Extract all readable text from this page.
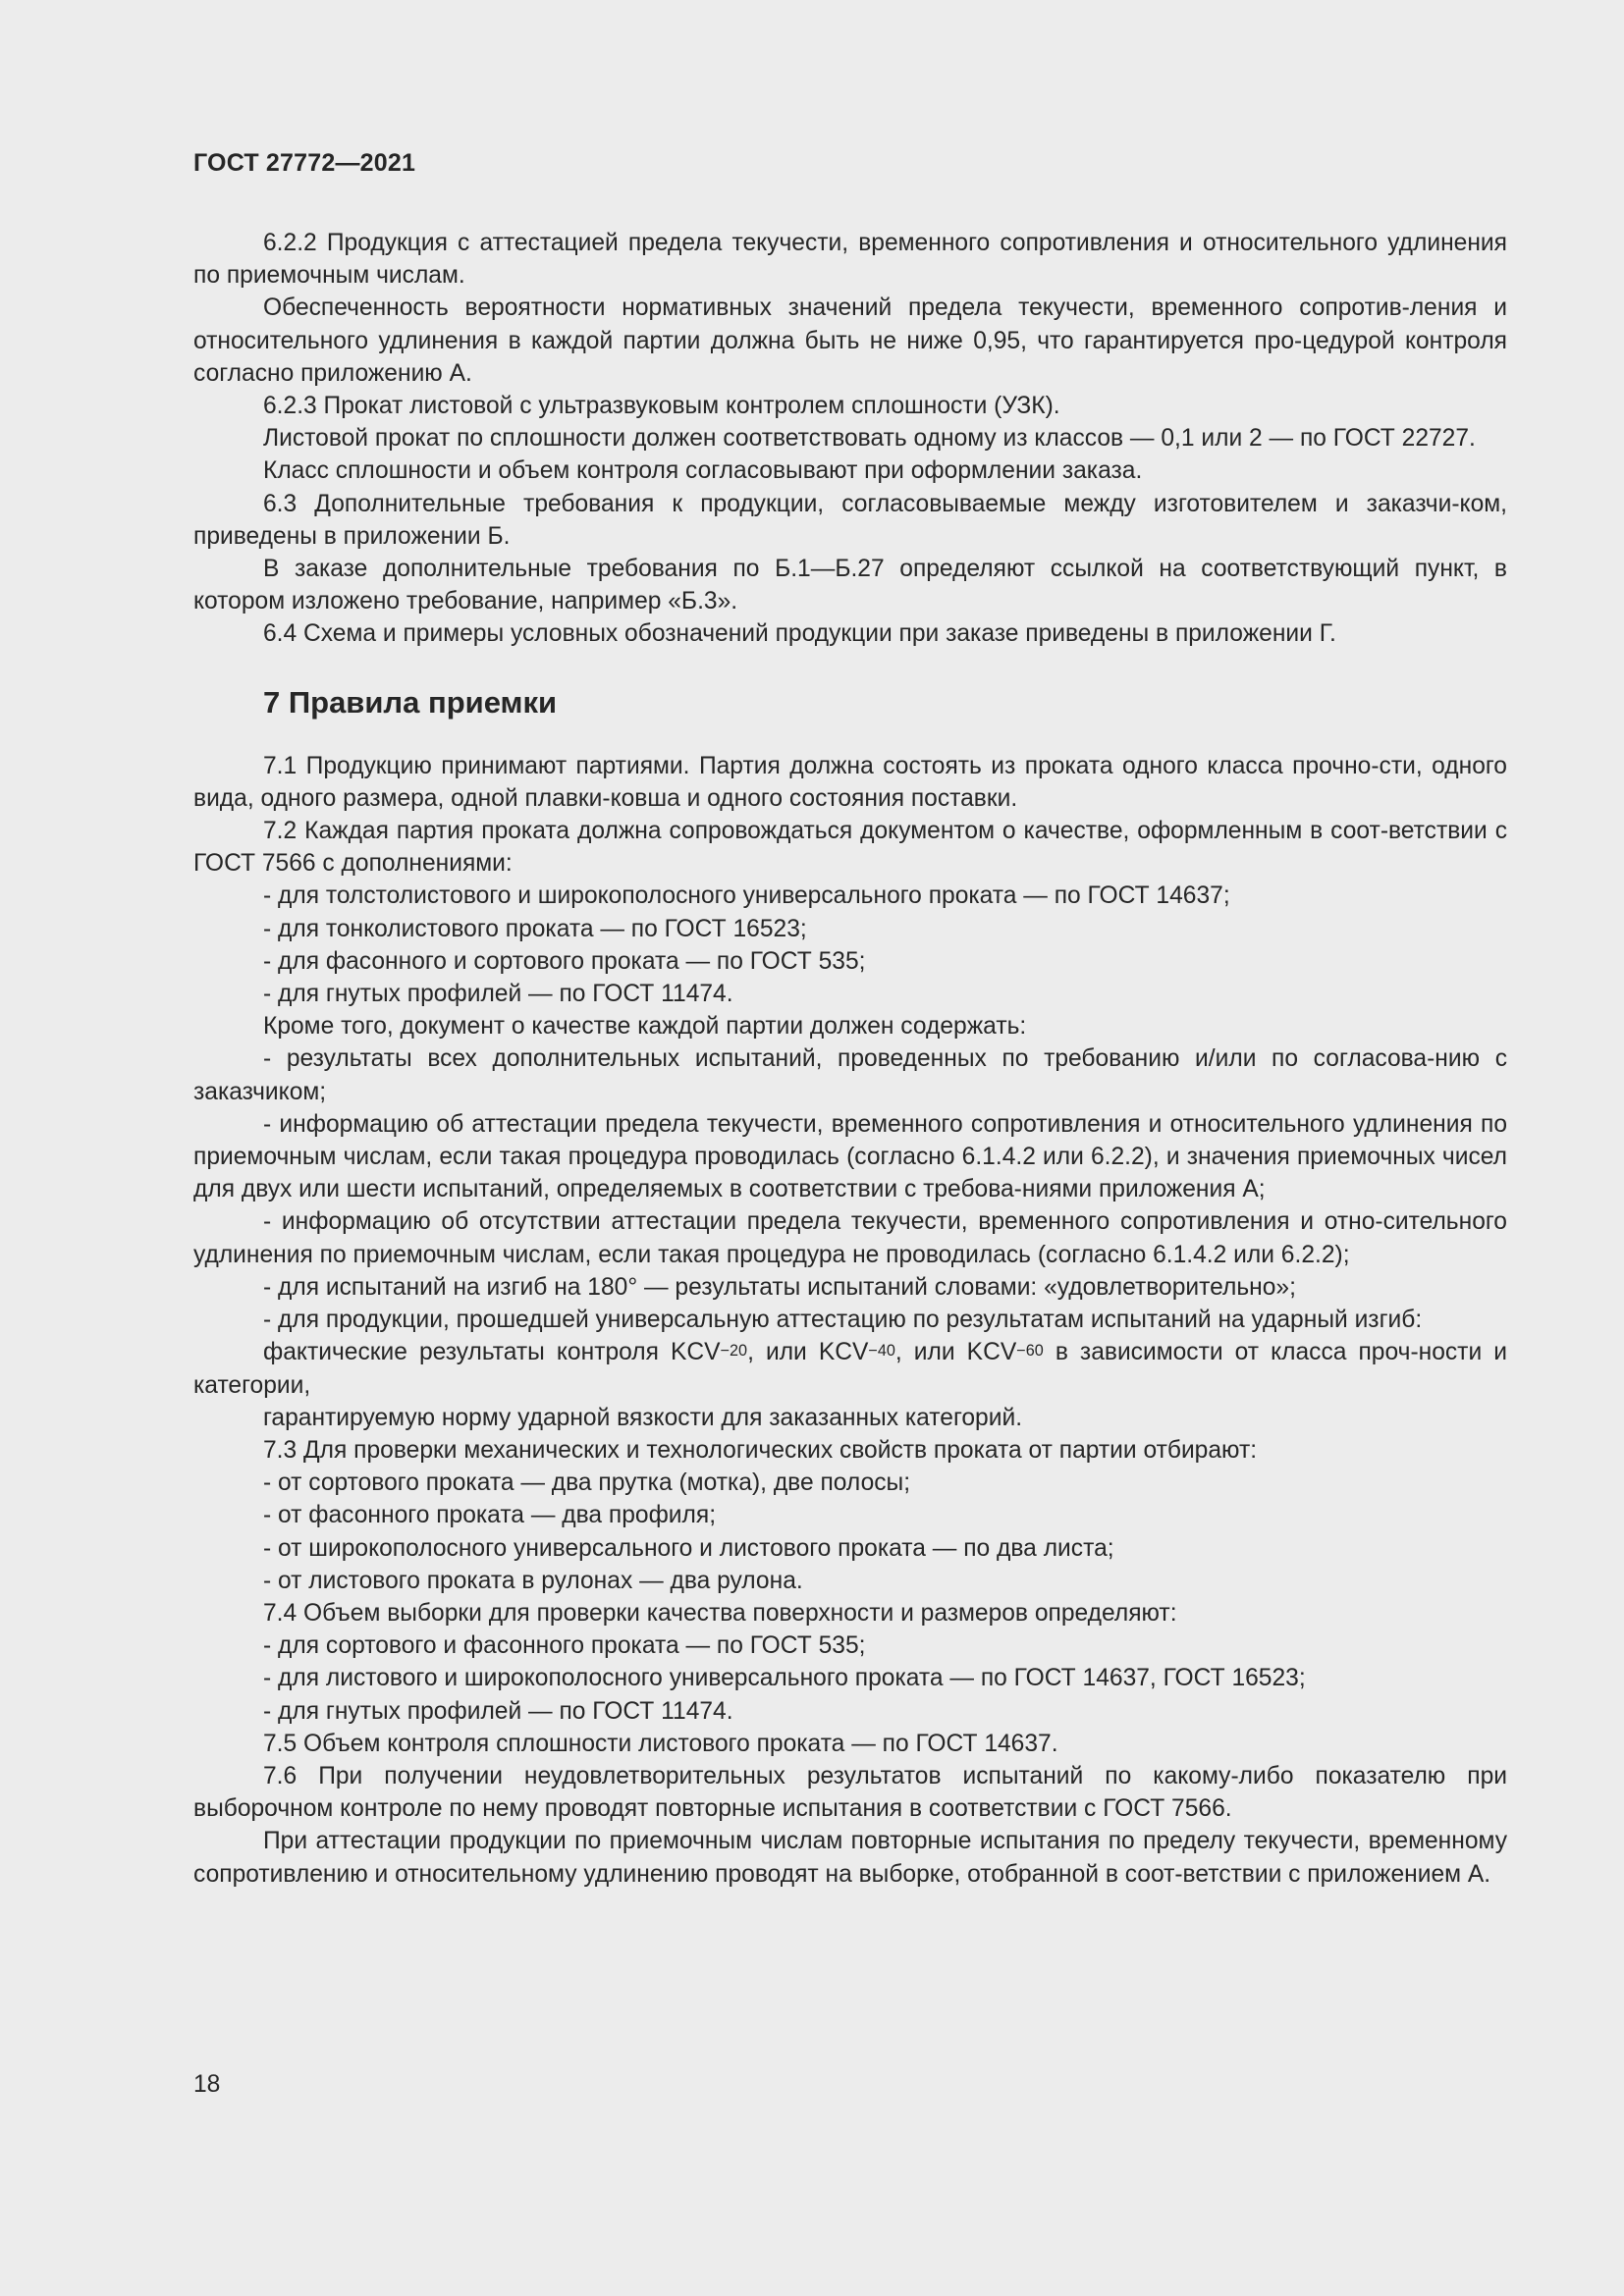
ГОСТ 27772—2021

6.2.2 Продукция с аттестацией предела текучести, временного сопротивления и относительного удлинения по приемочным числам.

Обеспеченность вероятности нормативных значений предела текучести, временного сопротив-ления и относительного удлинения в каждой партии должна быть не ниже 0,95, что гарантируется про-цедурой контроля согласно приложению А.

6.2.3 Прокат листовой с ультразвуковым контролем сплошности (УЗК).

Листовой прокат по сплошности должен соответствовать одному из классов — 0,1 или 2 — по ГОСТ 22727.

Класс сплошности и объем контроля согласовывают при оформлении заказа.

6.3 Дополнительные требования к продукции, согласовываемые между изготовителем и заказчи-ком, приведены в приложении Б.

В заказе дополнительные требования по Б.1—Б.27 определяют ссылкой на соответствующий пункт, в котором изложено требование, например «Б.3».

6.4 Схема и примеры условных обозначений продукции при заказе приведены в приложении Г.

7 Правила приемки

7.1 Продукцию принимают партиями. Партия должна состоять из проката одного класса прочно-сти, одного вида, одного размера, одной плавки-ковша и одного состояния поставки.

7.2 Каждая партия проката должна сопровождаться документом о качестве, оформленным в соот-ветствии с ГОСТ 7566 с дополнениями:

- для толстолистового и широкополосного универсального проката — по ГОСТ 14637;

- для тонколистового проката — по ГОСТ 16523;

- для фасонного и сортового проката — по ГОСТ 535;

- для гнутых профилей — по ГОСТ 11474.

Кроме того, документ о качестве каждой партии должен содержать:

- результаты всех дополнительных испытаний, проведенных по требованию и/или по согласова-нию с заказчиком;

- информацию об аттестации предела текучести, временного сопротивления и относительного удлинения по приемочным числам, если такая процедура проводилась (согласно 6.1.4.2 или 6.2.2), и значения приемочных чисел для двух или шести испытаний, определяемых в соответствии с требова-ниями приложения А;

- информацию об отсутствии аттестации предела текучести, временного сопротивления и отно-сительного удлинения по приемочным числам, если такая процедура не проводилась (согласно 6.1.4.2 или 6.2.2);

- для испытаний на изгиб на 180° — результаты испытаний словами: «удовлетворительно»;

- для продукции, прошедшей универсальную аттестацию по результатам испытаний на ударный изгиб:

фактические результаты контроля $KCV^{-20}$, или $KCV^{-40}$, или $KCV^{-60}$ в зависимости от класса проч-ности и категории,

гарантируемую норму ударной вязкости для заказанных категорий.

7.3 Для проверки механических и технологических свойств проката от партии отбирают:

- от сортового проката — два прутка (мотка), две полосы;

- от фасонного проката — два профиля;

- от широкополосного универсального и листового проката — по два листа;

- от листового проката в рулонах — два рулона.

7.4 Объем выборки для проверки качества поверхности и размеров определяют:

- для сортового и фасонного проката — по ГОСТ 535;

- для листового и широкополосного универсального проката — по ГОСТ 14637, ГОСТ 16523;

- для гнутых профилей — по ГОСТ 11474.

7.5 Объем контроля сплошности листового проката — по ГОСТ 14637.

7.6 При получении неудовлетворительных результатов испытаний по какому-либо показателю при выборочном контроле по нему проводят повторные испытания в соответствии с ГОСТ 7566.

При аттестации продукции по приемочным числам повторные испытания по пределу текучести, временному сопротивлению и относительному удлинению проводят на выборке, отобранной в соот-ветствии с приложением А.

18
